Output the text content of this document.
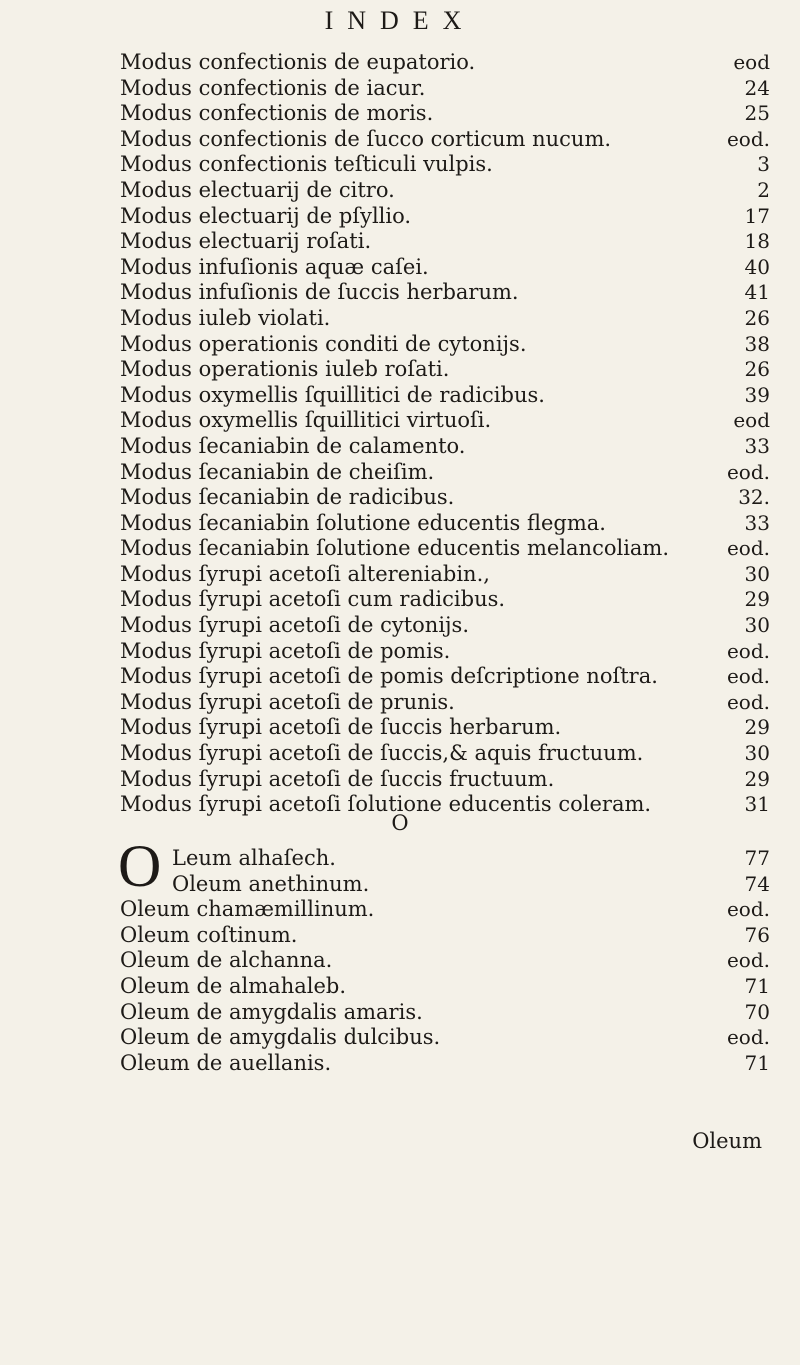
INDEX
Modus confectionis de eupatorio.	eod
Modus confectionis de iacur.	24
Modus confectionis de moris.	25
Modus confectionis de ſucco corticum nucum.	eod.
Modus confectionis teſticuli vulpis.	3
Modus electuarij de citro.	2
Modus electuarij de pſyllio.	17
Modus electuarij roſati.	18
Modus infuſionis aquæ caſei.	40
Modus infuſionis de ſuccis herbarum.	41
Modus iuleb violati.	26
Modus operationis conditi de cytonijs.	38
Modus operationis iuleb roſati.	26
Modus oxymellis ſquillitici de radicibus.	39
Modus oxymellis ſquillitici virtuoſi.	eod
Modus ſecaniabin de calamento.	33
Modus ſecaniabin de cheiſim.	eod.
Modus ſecaniabin de radicibus.	32.
Modus ſecaniabin ſolutione educentis flegma.	33
Modus ſecaniabin ſolutione educentis melancoliam.	eod.
Modus ſyrupi acetoſi altereniabin.,	30
Modus ſyrupi acetoſi cum radicibus.	29
Modus ſyrupi acetoſi de cytonijs.	30
Modus ſyrupi acetoſi de pomis.	eod.
Modus ſyrupi acetoſi de pomis deſcriptione noſtra.	eod.
Modus ſyrupi acetoſi de prunis.	eod.
Modus ſyrupi acetoſi de ſuccis herbarum.	29
Modus ſyrupi acetoſi de ſuccis,& aquis fructuum.	30
Modus ſyrupi acetoſi de ſuccis fructuum.	29
Modus ſyrupi acetoſi ſolutione educentis coleram.	31
O
Leum alhaſech.	77
Oleum anethinum.	74
Oleum chamæmillinum.	eod.
Oleum coſtinum.	76
Oleum de alchanna.	eod.
Oleum de almahaleb.	71
Oleum de amygdalis amaris.	70
Oleum de amygdalis dulcibus.	eod.
Oleum de auellanis.	71
O
Oleum
